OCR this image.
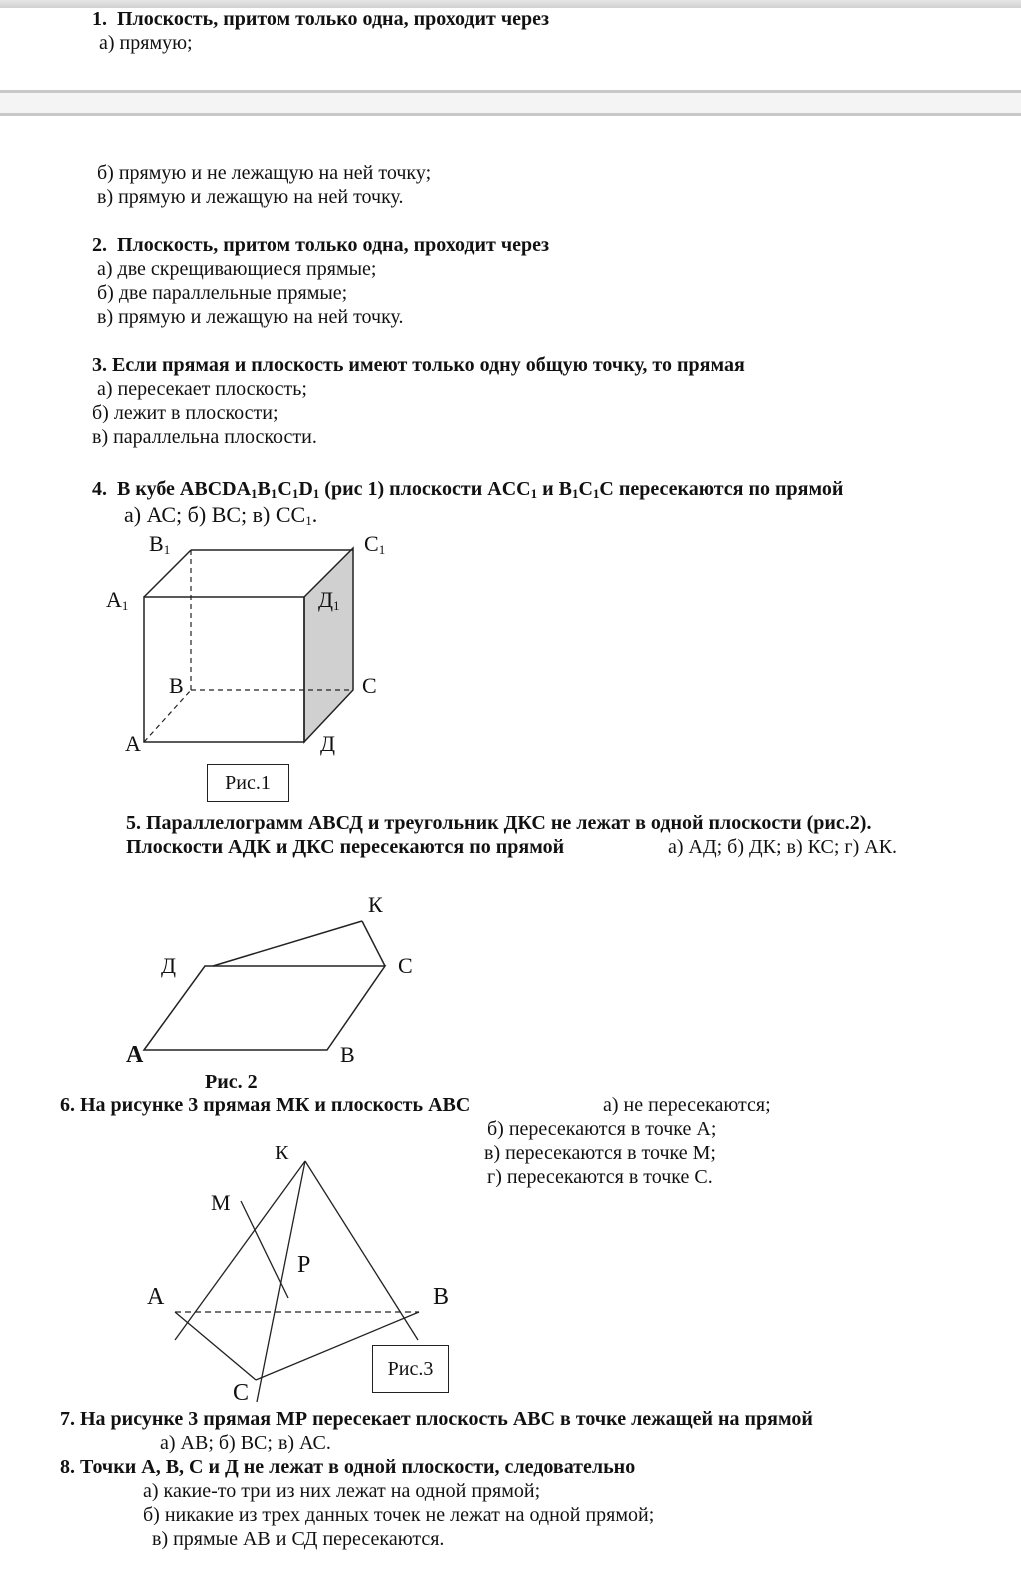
1. Плоскость, притом только одна, проходит через
а) прямую;
б) прямую и не лежащую на ней точку;
в) прямую и лежащую на ней точку.
2. Плоскость, притом только одна, проходит через
а) две скрещивающиеся прямые;
б) две параллельные прямые;
в) прямую и лежащую на ней точку.
3. Если прямая и плоскость имеют только одну общую точку, то прямая
а) пересекает плоскость;
б) лежит в плоскости;
в) параллельна плоскости.
4. В кубе $ABCDA_1B_1C_1D_1$ (рис 1) плоскости $ACC_1$ и $B_1C_1C$ пересекаются по прямой
а) АС; б) ВС; в) $СС_1$.
$B_1$	$C_1$
$A_1$	$Д_1$
B	C
A	Д
Рис.1
5. Параллелограмм АВСД и треугольник ДКС не лежат в одной плоскости (рис.2).
Плоскости АДК и ДКС пересекаются по прямой	а) АД; б) ДК; в) КС; г) АК.
К
Д	С
А	В
Рис. 2
6. На рисунке 3 прямая МК и плоскость АВС	а) не пересекаются;
б) пересекаются в точке А;
в) пересекаются в точке М;
г) пересекаются в точке С.
К
М
Р
А	В
С
Рис.3
7. На рисунке 3 прямая МР пересекает плоскость АВС в точке лежащей на прямой
а) АВ; б) ВС; в) АС.
8. Точки А, В, С и Д не лежат в одной плоскости, следовательно
а) какие-то три из них лежат на одной прямой;
б) никакие из трех данных точек не лежат на одной прямой;
в) прямые АВ и СД пересекаются.
